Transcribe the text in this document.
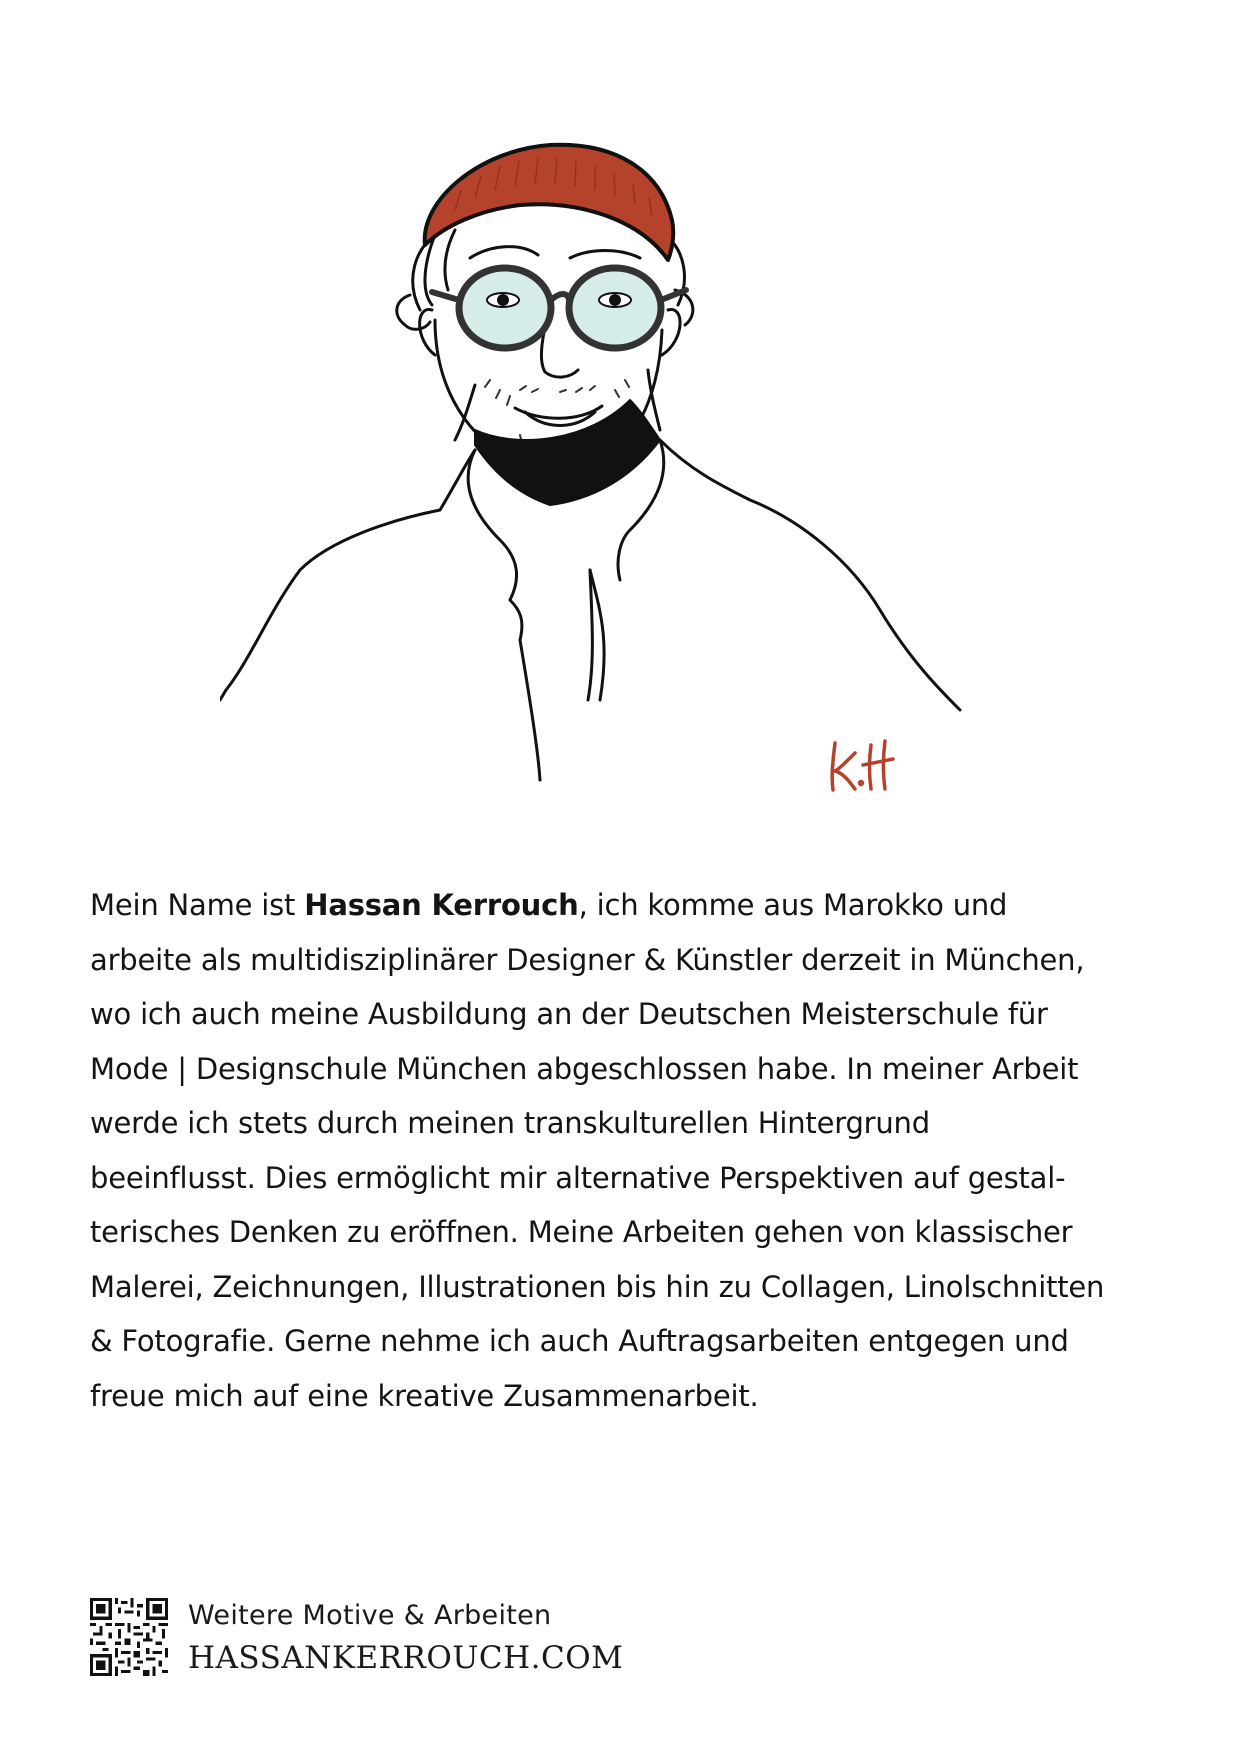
Mein Name ist Hassan Kerrouch, ich komme aus Marokko und
arbeite als multidisziplinärer Designer & Künstler derzeit in München,
wo ich auch meine Ausbildung an der Deutschen Meisterschule für
Mode | Designschule München abgeschlossen habe. In meiner Arbeit
werde ich stets durch meinen transkulturellen Hintergrund
beeinflusst. Dies ermöglicht mir alternative Perspektiven auf gestal-
terisches Denken zu eröffnen. Meine Arbeiten gehen von klassischer
Malerei, Zeichnungen, Illustrationen bis hin zu Collagen, Linolschnitten
& Fotografie. Gerne nehme ich auch Auftragsarbeiten entgegen und
freue mich auf eine kreative Zusammenarbeit.
Weitere Motive & Arbeiten
HASSANKERROUCH.COM
